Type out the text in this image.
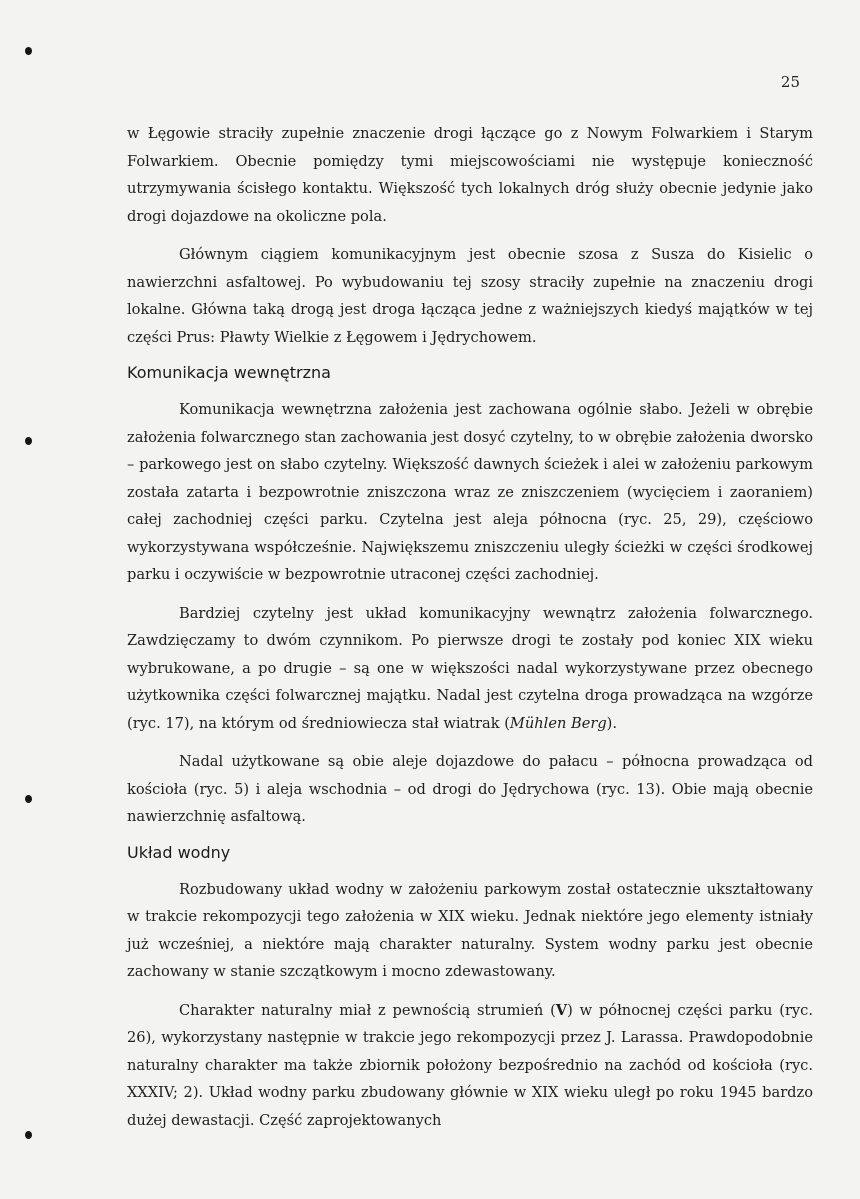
25

w Łęgowie straciły zupełnie znaczenie drogi łączące go z Nowym Folwarkiem i Starym Folwarkiem. Obecnie pomiędzy tymi miejscowościami nie występuje konieczność utrzymywania ścisłego kontaktu. Większość tych lokalnych dróg służy obecnie jedynie jako drogi dojazdowe na okoliczne pola.

Głównym ciągiem komunikacyjnym jest obecnie szosa z Susza do Kisielic o nawierzchni asfaltowej. Po wybudowaniu tej szosy straciły zupełnie na znaczeniu drogi lokalne. Główna taką drogą jest droga łącząca jedne z ważniejszych kiedyś majątków w tej części Prus: Pławty Wielkie z Łęgowem i Jędrychowem.

Komunikacja wewnętrzna

Komunikacja wewnętrzna założenia jest zachowana ogólnie słabo. Jeżeli w obrębie założenia folwarcznego stan zachowania jest dosyć czytelny, to w obrębie założenia dworsko – parkowego jest on słabo czytelny. Większość dawnych ścieżek i alei w założeniu parkowym została zatarta i bezpowrotnie zniszczona wraz ze zniszczeniem (wycięciem i zaoraniem) całej zachodniej części parku. Czytelna jest aleja północna (ryc. 25, 29), częściowo wykorzystywana współcześnie. Największemu zniszczeniu uległy ścieżki w części środkowej parku i oczywiście w bezpowrotnie utraconej części zachodniej.

Bardziej czytelny jest układ komunikacyjny wewnątrz założenia folwarcznego. Zawdzięczamy to dwóm czynnikom. Po pierwsze drogi te zostały pod koniec XIX wieku wybrukowane, a po drugie – są one w większości nadal wykorzystywane przez obecnego użytkownika części folwarcznej majątku. Nadal jest czytelna droga prowadząca na wzgórze (ryc. 17), na którym od średniowiecza stał wiatrak (Mühlen Berg).

Nadal użytkowane są obie aleje dojazdowe do pałacu – północna prowadząca od kościoła (ryc. 5) i aleja wschodnia – od drogi do Jędrychowa (ryc. 13). Obie mają obecnie nawierzchnię asfaltową.

Układ wodny

Rozbudowany układ wodny w założeniu parkowym został ostatecznie ukształtowany w trakcie rekompozycji tego założenia w XIX wieku. Jednak niektóre jego elementy istniały już wcześniej, a niektóre mają charakter naturalny. System wodny parku jest obecnie zachowany w stanie szczątkowym i mocno zdewastowany.

Charakter naturalny miał z pewnością strumień (V) w północnej części parku (ryc. 26), wykorzystany następnie w trakcie jego rekompozycji przez J. Larassa. Prawdopodobnie naturalny charakter ma także zbiornik położony bezpośrednio na zachód od kościoła (ryc. XXXIV; 2). Układ wodny parku zbudowany głównie w XIX wieku uległ po roku 1945 bardzo dużej dewastacji. Część zaprojektowanych
